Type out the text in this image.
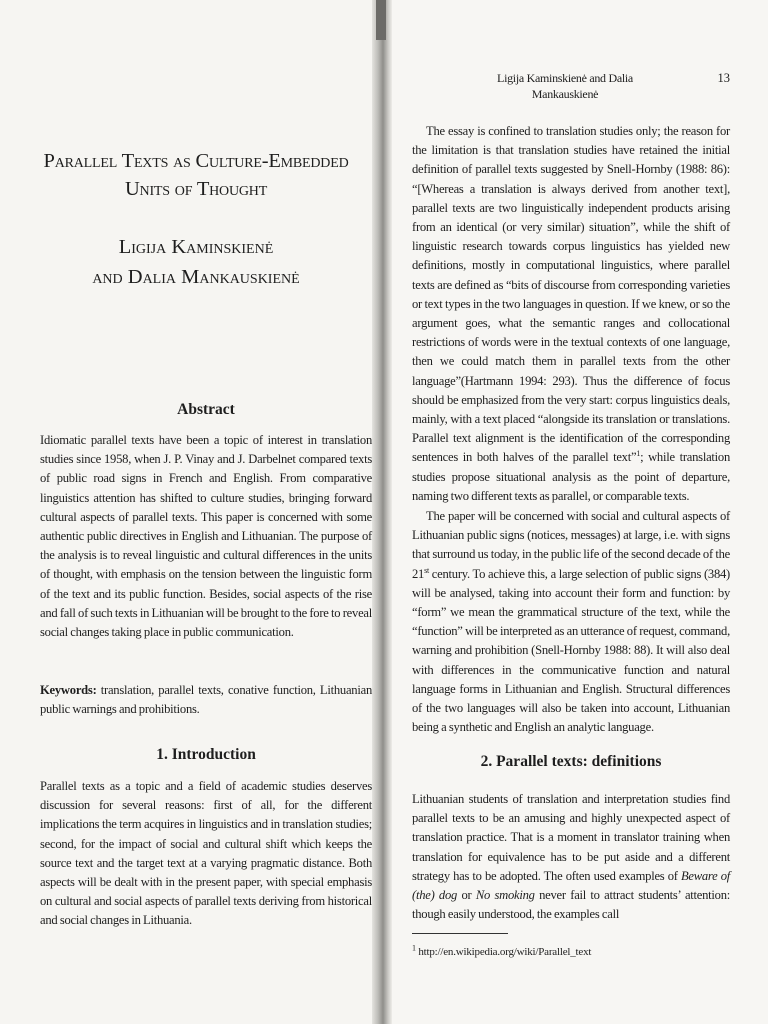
Parallel Texts as Culture-Embedded
Units of Thought
Ligija Kaminskienė
and Dalia Mankauskienė
Abstract

Idiomatic parallel texts have been a topic of interest in translation studies since 1958, when J. P. Vinay and J. Darbelnet compared texts of public road signs in French and English. From comparative linguistics attention has shifted to culture studies, bringing forward cultural aspects of parallel texts. This paper is concerned with some authentic public directives in English and Lithuanian. The purpose of the analysis is to reveal linguistic and cultural differences in the units of thought, with emphasis on the tension between the linguistic form of the text and its public function. Besides, social aspects of the rise and fall of such texts in Lithuanian will be brought to the fore to reveal social changes taking place in public communication.

Keywords: translation, parallel texts, conative function, Lithuanian public warnings and prohibitions.

1. Introduction

Parallel texts as a topic and a field of academic studies deserves discussion for several reasons: first of all, for the different implications the term acquires in linguistics and in translation studies; second, for the impact of social and cultural shift which keeps the source text and the target text at a varying pragmatic distance. Both aspects will be dealt with in the present paper, with special emphasis on cultural and social aspects of parallel texts deriving from historical and social changes in Lithuania.

Ligija Kaminskienė and Dalia Mankauskienė

13

The essay is confined to translation studies only; the reason for the limitation is that translation studies have retained the initial definition of parallel texts suggested by Snell-Hornby (1988: 86): “[Whereas a translation is always derived from another text], parallel texts are two linguistically independent products arising from an identical (or very similar) situation”, while the shift of linguistic research towards corpus linguistics has yielded new definitions, mostly in computational linguistics, where parallel texts are defined as “bits of discourse from corresponding varieties or text types in the two languages in question. If we knew, or so the argument goes, what the semantic ranges and collocational restrictions of words were in the textual contexts of one language, then we could match them in parallel texts from the other language”(Hartmann 1994: 293). Thus the difference of focus should be emphasized from the very start: corpus linguistics deals, mainly, with a text placed “alongside its translation or translations. Parallel text alignment is the identification of the corresponding sentences in both halves of the parallel text”$^1$; while translation studies propose situational analysis as the point of departure, naming two different texts as parallel, or comparable texts.

The paper will be concerned with social and cultural aspects of Lithuanian public signs (notices, messages) at large, i.e. with signs that surround us today, in the public life of the second decade of the 21st century. To achieve this, a large selection of public signs (384) will be analysed, taking into account their form and function: by “form” we mean the grammatical structure of the text, while the “function” will be interpreted as an utterance of request, command, warning and prohibition (Snell-Hornby 1988: 88). It will also deal with differences in the communicative function and natural language forms in Lithuanian and English. Structural differences of the two languages will also be taken into account, Lithuanian being a synthetic and English an analytic language.

2. Parallel texts: definitions

Lithuanian students of translation and interpretation studies find parallel texts to be an amusing and highly unexpected aspect of translation practice. That is a moment in translator training when translation for equivalence has to be put aside and a different strategy has to be adopted. The often used examples of Beware of (the) dog or No smoking never fail to attract students’ attention: though easily understood, the examples call

$^1$ http://en.wikipedia.org/wiki/Parallel_text
